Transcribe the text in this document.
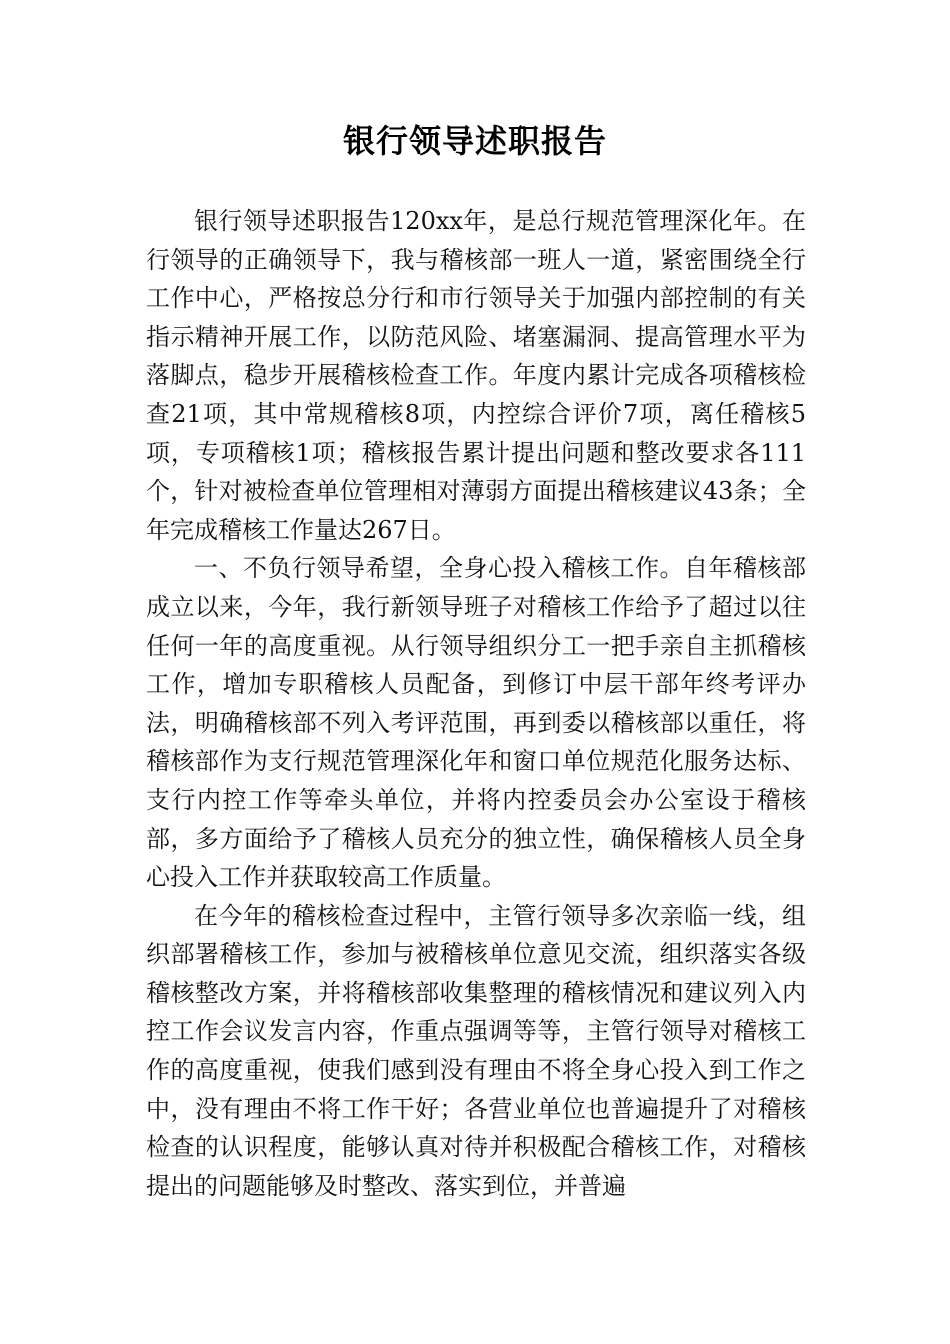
银行领导述职报告

银行领导述职报告120xx年，是总行规范管理深化年。在行领导的正确领导下，我与稽核部一班人一道，紧密围绕全行工作中心，严格按总分行和市行领导关于加强内部控制的有关指示精神开展工作，以防范风险、堵塞漏洞、提高管理水平为落脚点，稳步开展稽核检查工作。年度内累计完成各项稽核检查21项，其中常规稽核8项，内控综合评价7项，离任稽核5项，专项稽核1项；稽核报告累计提出问题和整改要求各111个，针对被检查单位管理相对薄弱方面提出稽核建议43条；全年完成稽核工作量达267日。

一、不负行领导希望，全身心投入稽核工作。自年稽核部成立以来，今年，我行新领导班子对稽核工作给予了超过以往任何一年的高度重视。从行领导组织分工一把手亲自主抓稽核工作，增加专职稽核人员配备，到修订中层干部年终考评办法，明确稽核部不列入考评范围，再到委以稽核部以重任，将稽核部作为支行规范管理深化年和窗口单位规范化服务达标、支行内控工作等牵头单位，并将内控委员会办公室设于稽核部，多方面给予了稽核人员充分的独立性，确保稽核人员全身心投入工作并获取较高工作质量。

在今年的稽核检查过程中，主管行领导多次亲临一线，组织部署稽核工作，参加与被稽核单位意见交流，组织落实各级稽核整改方案，并将稽核部收集整理的稽核情况和建议列入内控工作会议发言内容，作重点强调等等，主管行领导对稽核工作的高度重视，使我们感到没有理由不将全身心投入到工作之中，没有理由不将工作干好；各营业单位也普遍提升了对稽核检查的认识程度，能够认真对待并积极配合稽核工作，对稽核提出的问题能够及时整改、落实到位，并普遍
